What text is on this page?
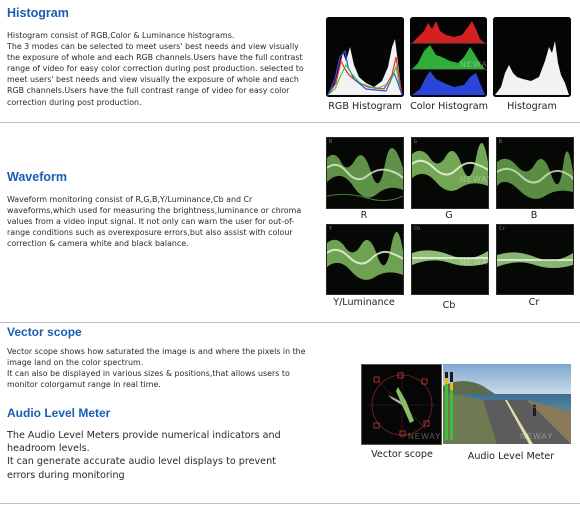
Histogram
Histogram consist of RGB,Color & Luminance histograms.
The 3 modes can be selected to meet users' best needs and view visually the exposure of whole and each RGB channels.Users have the full contrast range of video for easy color correction during post production. selected to meet users' best needs and view visually the exposure of whole and each RGB channels.Users have the full contrast range of video for easy color correction during post production.
NEWAY
RGB Histogram Color Histogram	Histogram
Waveform
Waveform monitoring consist of R,G,B,Y/Luminance,Cb and Cr waveforms,which used for measuring the brightness,luminance or chroma values from a video input signal. It not only can warn the user for out-of-range conditions such as overexposure errors,but also assist with colour correction & camera white and black balance.
R	G	B
NEWAY
R	G	B
Y	Cb	Cr
NEWAY
Y/Luminance	Cb	Cr
Vector scope
Vector scope shows how saturated the image is and where the pixels in the image land on the color spectrum.
It can also be displayed in various sizes & positions,that allows users to monitor colorgamut range in real time.
Audio Level Meter
The Audio Level Meters provide numerical indicators and headroom levels.
It can generate accurate audio level displays to prevent errors during monitoring
NEWAY	NEWAY
Vector scope	Audio Level Meter
